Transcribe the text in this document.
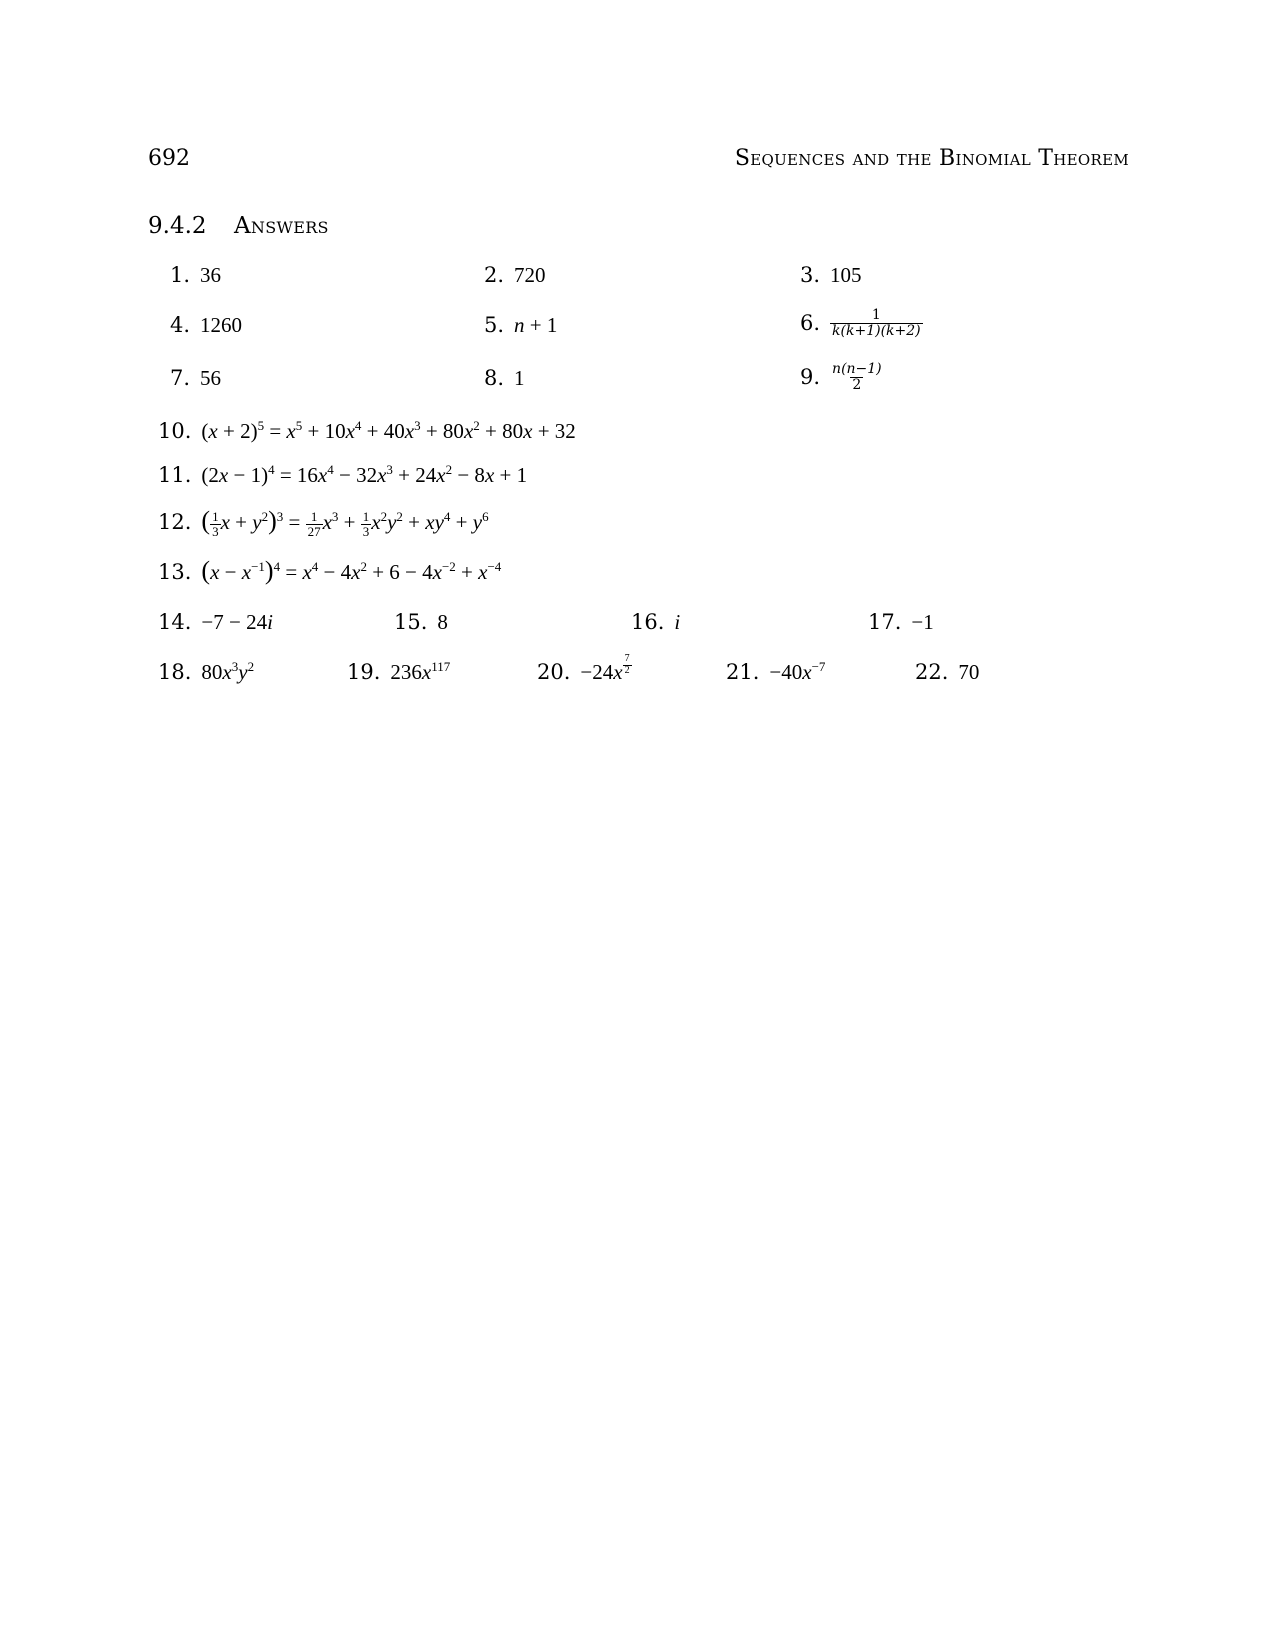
692	Sequences and the Binomial Theorem
9.4.2 Answers
1. 36	2. 720	3. 105
4. 1260	5. n + 1	6. $\frac{1}{k(k+1)(k+2)}$
7. 56	8. 1	9. $\frac{n(n-1)}{2}$
10. $(x + 2)^5 = x^5 + 10x^4 + 40x^3 + 80x^2 + 80x + 32$
11. $(2x - 1)^4 = 16x^4 - 32x^3 + 24x^2 - 8x + 1$
12. ( $\frac{1}{3}$ $x + y^2)^3 = \frac{1}{27} x^3 + \frac{1}{3} x^2y^2 + xy^4 + y^6$
13. $(x - x^{-1})^4 = x^4 - 4x^2 + 6 - 4x^{-2} + x^{-4}$
14. −7 − 24i	15. 8	16. i	17. −1
18. $80x^3y^2$	19. $236x^{117}$	20. −24x $^{\frac{7}{2}}$	21. $-40x^{-7}$	22. 70
